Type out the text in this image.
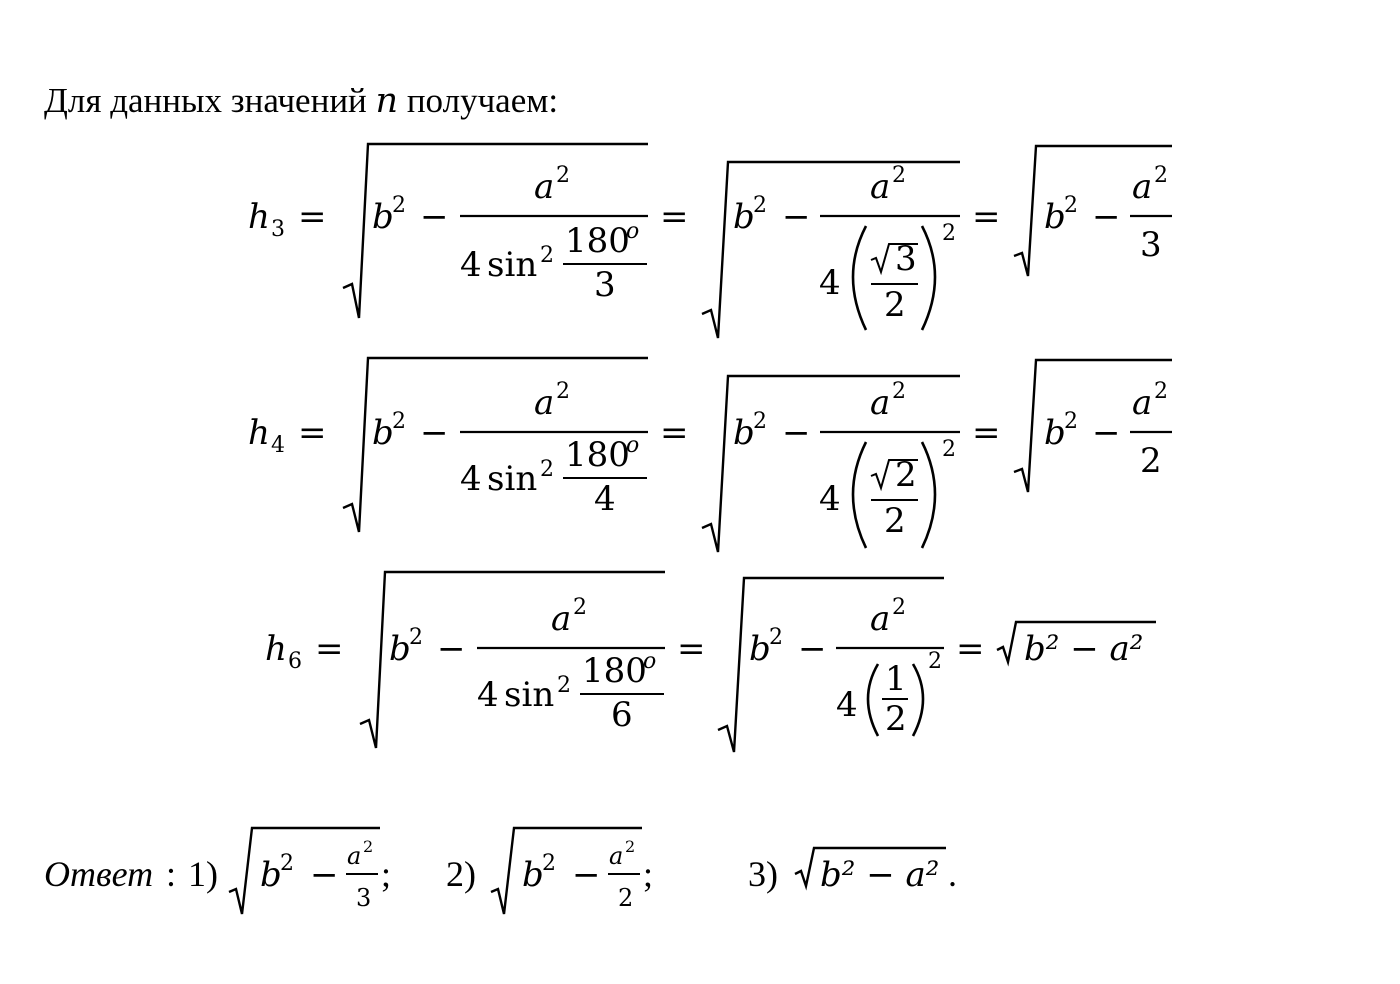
Для данных значений n получаем:
h 3 = b
2 −
a 2
4 sin 2 180
o
3
= b
2 −
a 2
4
3
2
2 = b
2 −
a 2
3
h 4 = b
2 −
a 2
4 sin 2 180
o
4
= b
2 −
a 2
4
2
2
2 = b
2 −
a 2
2
h 6 = b
2 −
a 2
4 sin 2 180
o
6
= b
2 −
a 2
4
1
2
2 = b² − a²
Ответ : 1) b
2 − a 2
3
; 2) b
2 − a 2
2
;	3) b² − a² .
